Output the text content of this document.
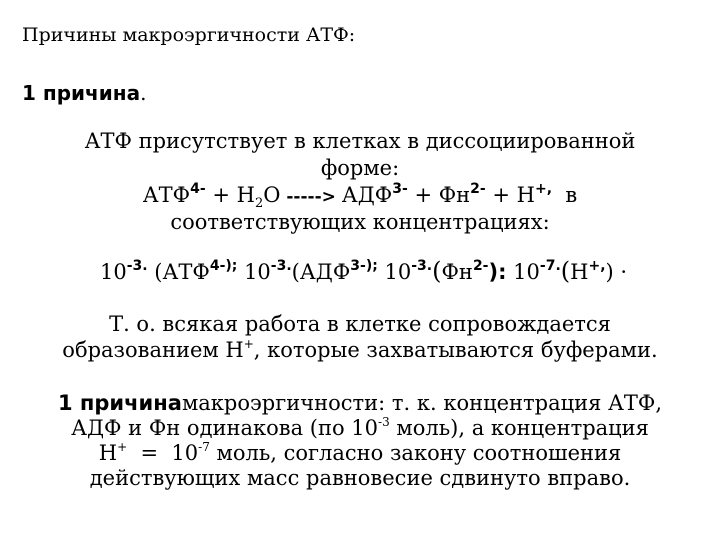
Причины макроэргичности АТФ:
1 причина.
АТФ присутствует в клетках в диссоциированной
форме:
$АТФ^{4-} + Н_2О$ -----> $АДФ^{3-} + Фн^{2-} + Н^{+,}$  в
соответствующих концентрациях:
$10^{-3.}$ ($АТФ^{4-);}$ $10^{-3.}(АДФ^{3-);}$ $10^{-3.}(Фн^{2-})$: $10^{-7.}(Н^{+,})$ ·
Т. о. всякая работа в клетке сопровождается
образованием Н+, которые захватываются буферами.
1 причинамакроэргичности: т. к. концентрация АТФ,
АДФ и Фн одинакова (по $10^{-3}$ моль), а концентрация
$Н^+ = 10^{-7}$ моль, согласно закону соотношения
действующих масс равновесие сдвинуто вправо.
